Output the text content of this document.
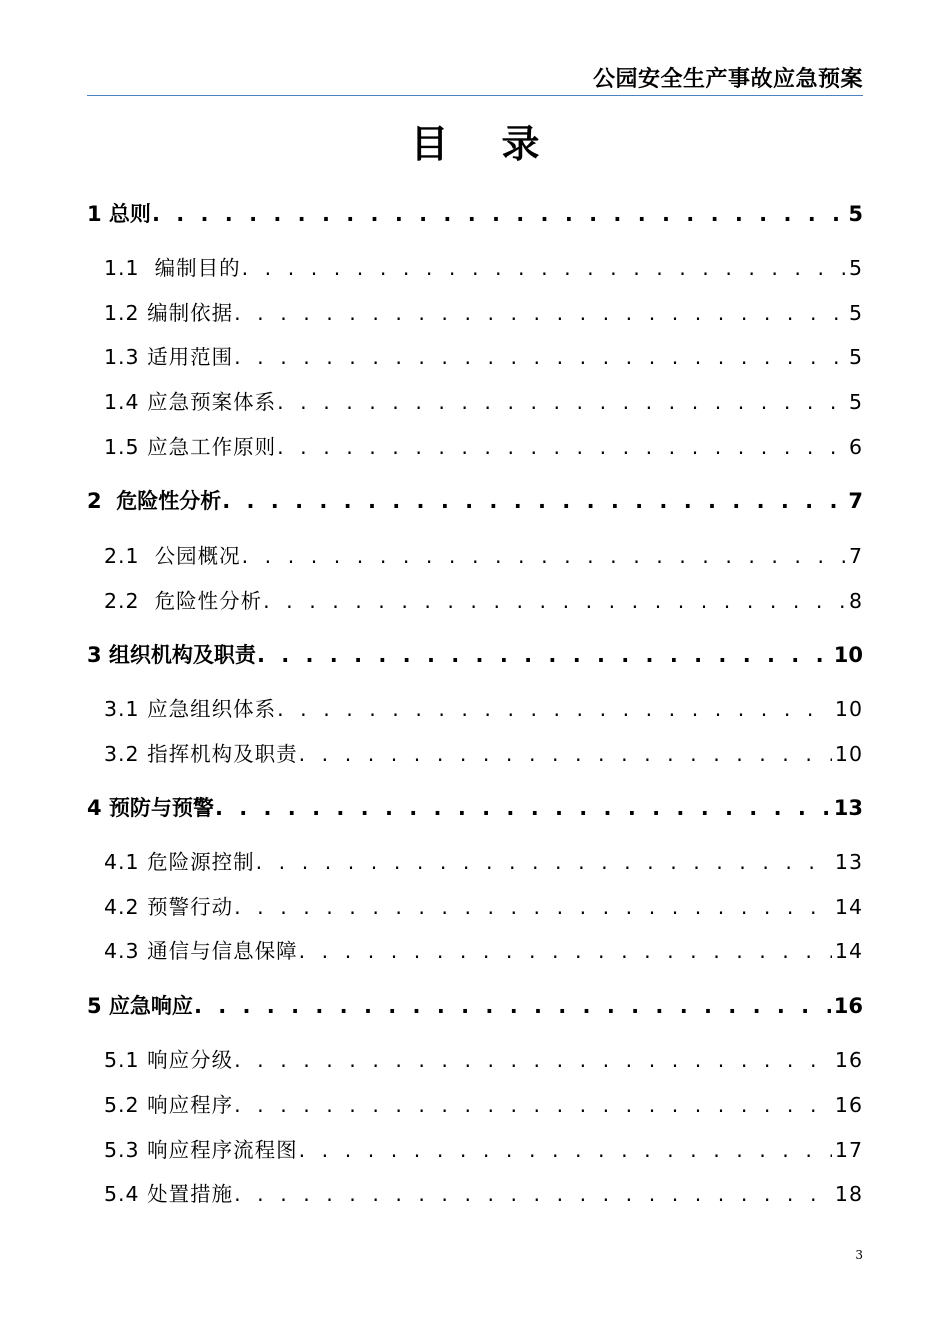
公园安全生产事故应急预案
目    录
1 总则 . . .	5
1.1  编制目的 . . .	5
1.2 编制依据 . . .	5
1.3 适用范围 . . .	5
1.4 应急预案体系 . . .	5
1.5 应急工作原则 . . .	6
2  危险性分析 . . .	7
2.1  公园概况 . . .	7
2.2  危险性分析 . . .	8
3 组织机构及职责 . . .	10
3.1 应急组织体系 . . .	10
3.2 指挥机构及职责 . . .	10
4 预防与预警 . . .	13
4.1 危险源控制 . . .	13
4.2 预警行动 . . .	14
4.3 通信与信息保障 . . .	14
5 应急响应 . . .	16
5.1 响应分级 . . .	16
5.2 响应程序 . . .	16
5.3 响应程序流程图 . . .	17
5.4 处置措施 . . .	18
3
